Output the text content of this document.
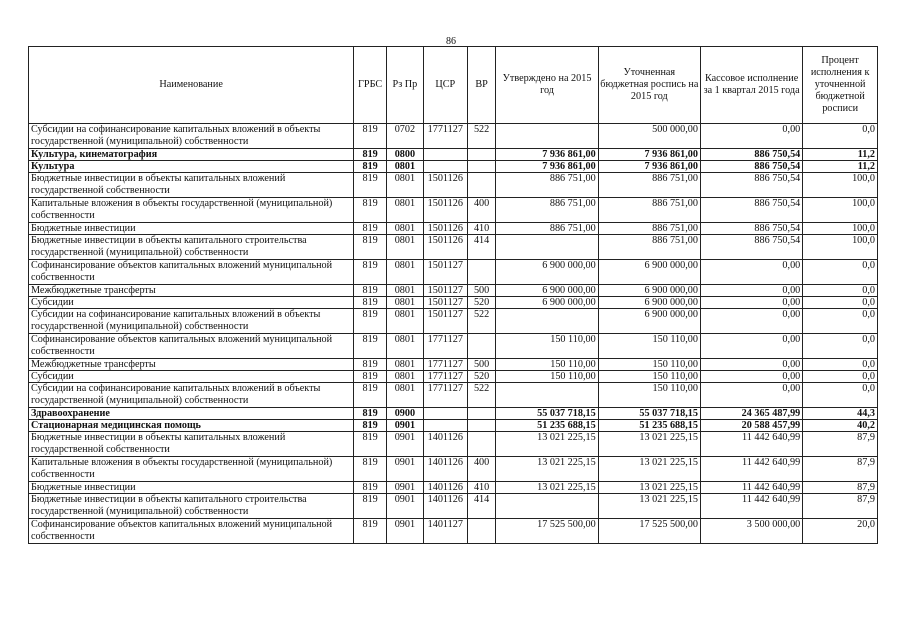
86
Наименование	ГРБС	Рз Пр	ЦСР	ВР	Утверждено на 2015 год	Уточненная бюджетная роспись на 2015 год	Кассовое исполнение за 1 квартал 2015 года	Процент исполнения к уточненной бюджетной росписи
Субсидии на софинансирование капитальных вложений в объекты государственной (муниципальной) собственности	819	0702	1771127	522		500 000,00	0,00	0,0
Культура, кинематография	819	0800			7 936 861,00	7 936 861,00	886 750,54	11,2
Культура	819	0801			7 936 861,00	7 936 861,00	886 750,54	11,2
Бюджетные инвестиции в объекты капитальных вложений государственной собственности	819	0801	1501126		886 751,00	886 751,00	886 750,54	100,0
Капитальные вложения в объекты государственной (муниципальной) собственности	819	0801	1501126	400	886 751,00	886 751,00	886 750,54	100,0
Бюджетные инвестиции	819	0801	1501126	410	886 751,00	886 751,00	886 750,54	100,0
Бюджетные инвестиции в объекты капитального строительства государственной (муниципальной) собственности	819	0801	1501126	414		886 751,00	886 750,54	100,0
Софинансирование объектов капитальных вложений муниципальной собственности	819	0801	1501127		6 900 000,00	6 900 000,00	0,00	0,0
Межбюджетные трансферты	819	0801	1501127	500	6 900 000,00	6 900 000,00	0,00	0,0
Субсидии	819	0801	1501127	520	6 900 000,00	6 900 000,00	0,00	0,0
Субсидии на софинансирование капитальных вложений в объекты государственной (муниципальной) собственности	819	0801	1501127	522		6 900 000,00	0,00	0,0
Софинансирование объектов капитальных вложений муниципальной собственности	819	0801	1771127		150 110,00	150 110,00	0,00	0,0
Межбюджетные трансферты	819	0801	1771127	500	150 110,00	150 110,00	0,00	0,0
Субсидии	819	0801	1771127	520	150 110,00	150 110,00	0,00	0,0
Субсидии на софинансирование капитальных вложений в объекты государственной (муниципальной) собственности	819	0801	1771127	522		150 110,00	0,00	0,0
Здравоохранение	819	0900			55 037 718,15	55 037 718,15	24 365 487,99	44,3
Стационарная медицинская помощь	819	0901			51 235 688,15	51 235 688,15	20 588 457,99	40,2
Бюджетные инвестиции в объекты капитальных вложений государственной собственности	819	0901	1401126		13 021 225,15	13 021 225,15	11 442 640,99	87,9
Капитальные вложения в объекты государственной (муниципальной) собственности	819	0901	1401126	400	13 021 225,15	13 021 225,15	11 442 640,99	87,9
Бюджетные инвестиции	819	0901	1401126	410	13 021 225,15	13 021 225,15	11 442 640,99	87,9
Бюджетные инвестиции в объекты капитального строительства государственной (муниципальной) собственности	819	0901	1401126	414		13 021 225,15	11 442 640,99	87,9
Софинансирование объектов капитальных вложений муниципальной собственности	819	0901	1401127		17 525 500,00	17 525 500,00	3 500 000,00	20,0
